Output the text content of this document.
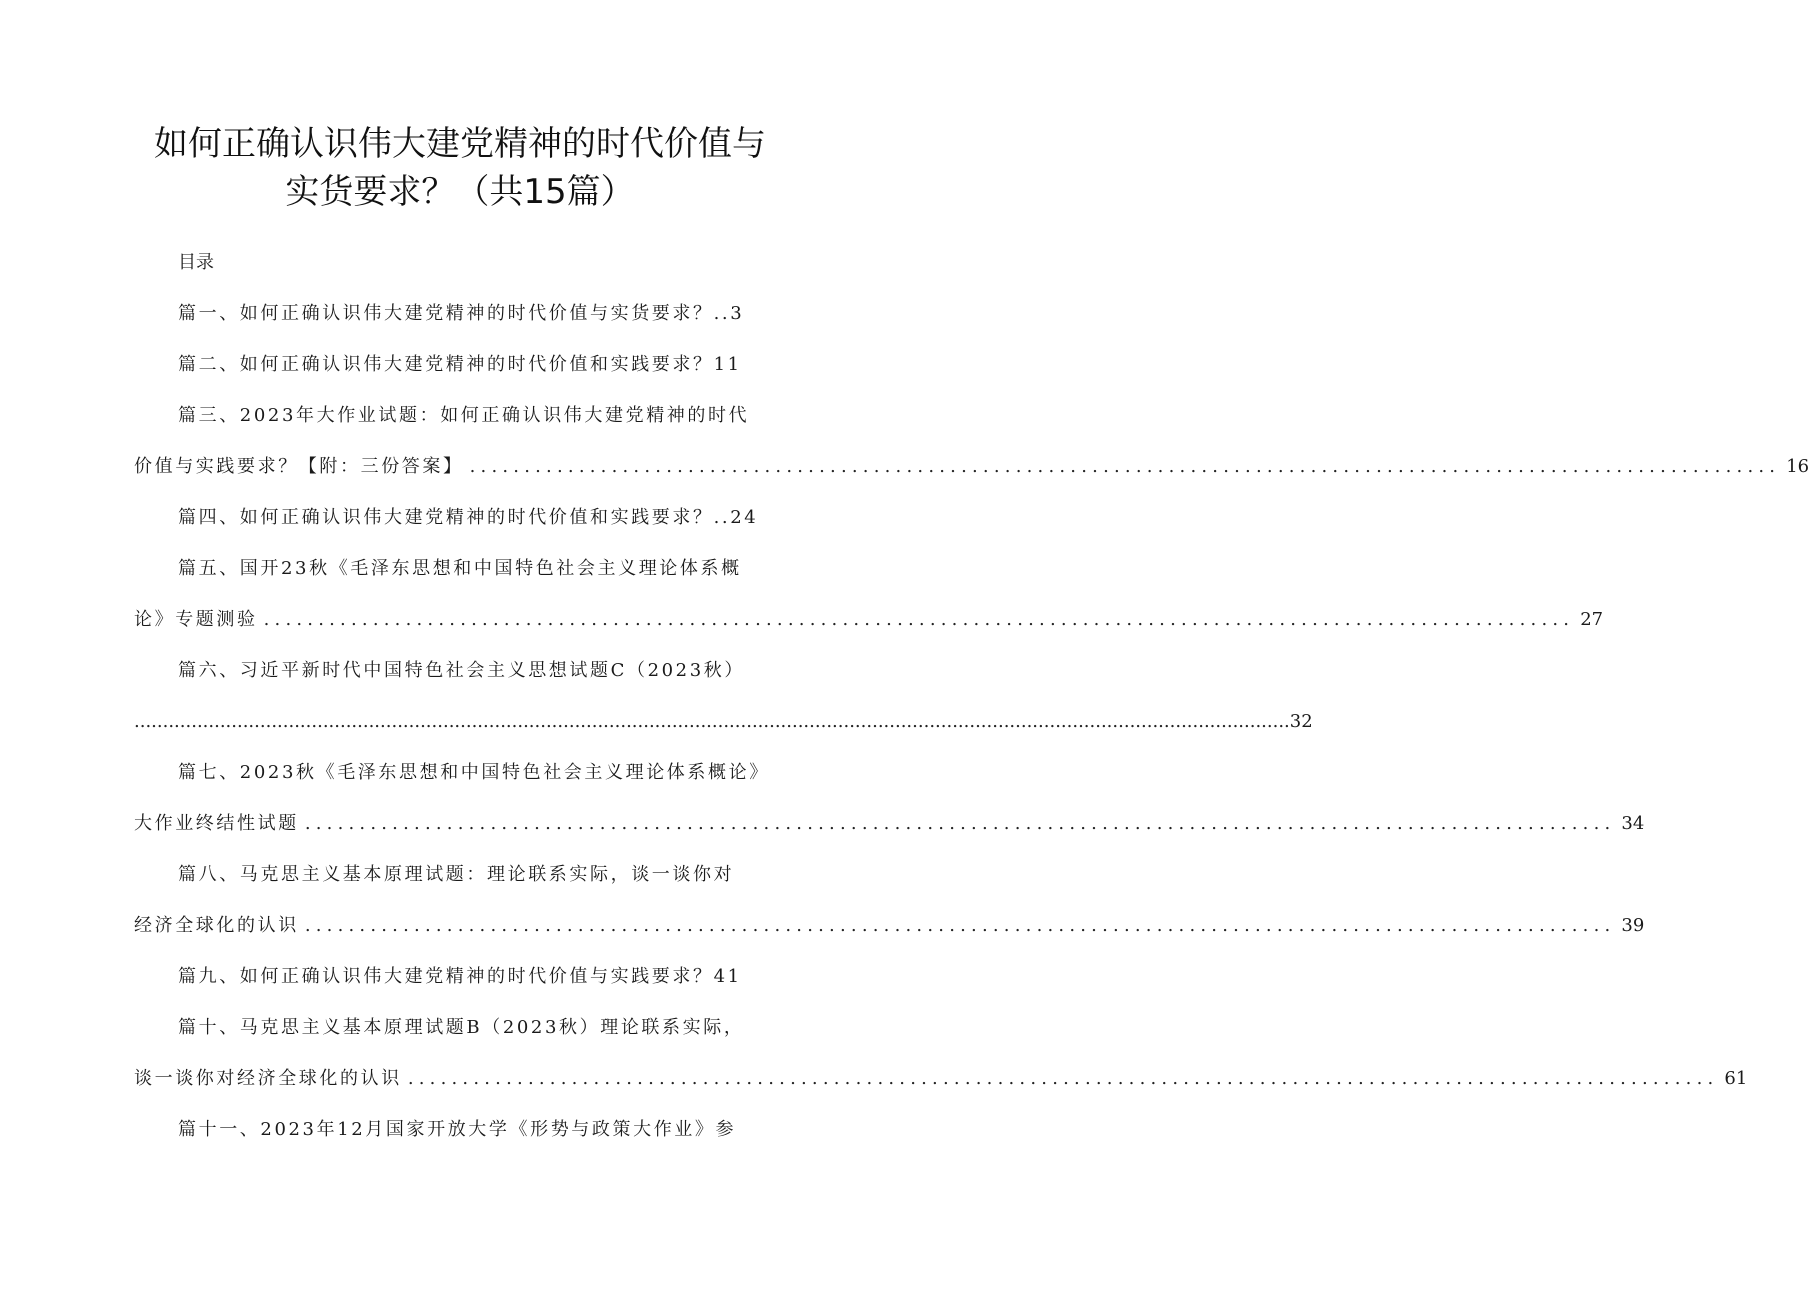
如何正确认识伟大建党精神的时代价值与
实货要求？（共15篇）
目录
篇一、如何正确认识伟大建党精神的时代价值与实货要求？..3
篇二、如何正确认识伟大建党精神的时代价值和实践要求？11
篇三、2023年大作业试题：如何正确认识伟大建党精神的时代
价值与实践要求？【附：三份答案】 ........................................................................................................................ 16
篇四、如何正确认识伟大建党精神的时代价值和实践要求？..24
篇五、国开23秋《毛泽东思想和中国特色社会主义理论体系概
论》专题测验 ........................................................................................................................ 27
篇六、习近平新时代中国特色社会主义思想试题C（2023秋）
.......................................................................................................................................................................................................... 32
篇七、2023秋《毛泽东思想和中国特色社会主义理论体系概论》
大作业终结性试题 ........................................................................................................................ 34
篇八、马克思主义基本原理试题：理论联系实际，谈一谈你对
经济全球化的认识 ........................................................................................................................ 39
篇九、如何正确认识伟大建党精神的时代价值与实践要求？41
篇十、马克思主义基本原理试题B（2023秋）理论联系实际，
谈一谈你对经济全球化的认识 ........................................................................................................................ 61
篇十一、2023年12月国家开放大学《形势与政策大作业》参
